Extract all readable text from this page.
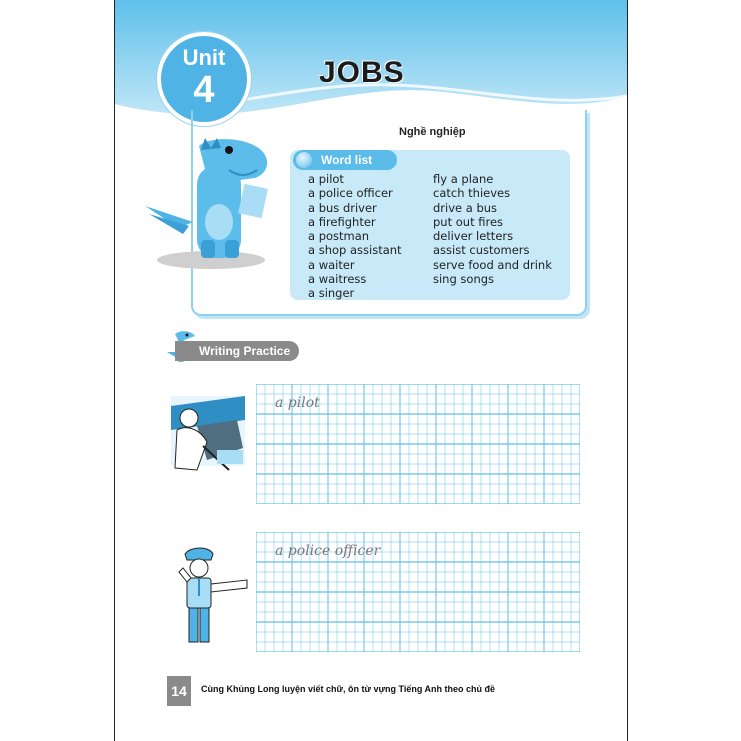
Unit
4	JOBS
Nghề nghiệp
Word list
a pilot
a police officer
a bus driver
a firefighter
a postman
a shop assistant
a waiter
a waitress
a singer
fly a plane
catch thieves
drive a bus
put out fires
deliver letters
assist customers
serve food and drink
sing songs
Writing Practice
a pilot
a police officer
14	Cùng Khủng Long luyện viết chữ, ôn từ vựng Tiếng Anh theo chủ đề
